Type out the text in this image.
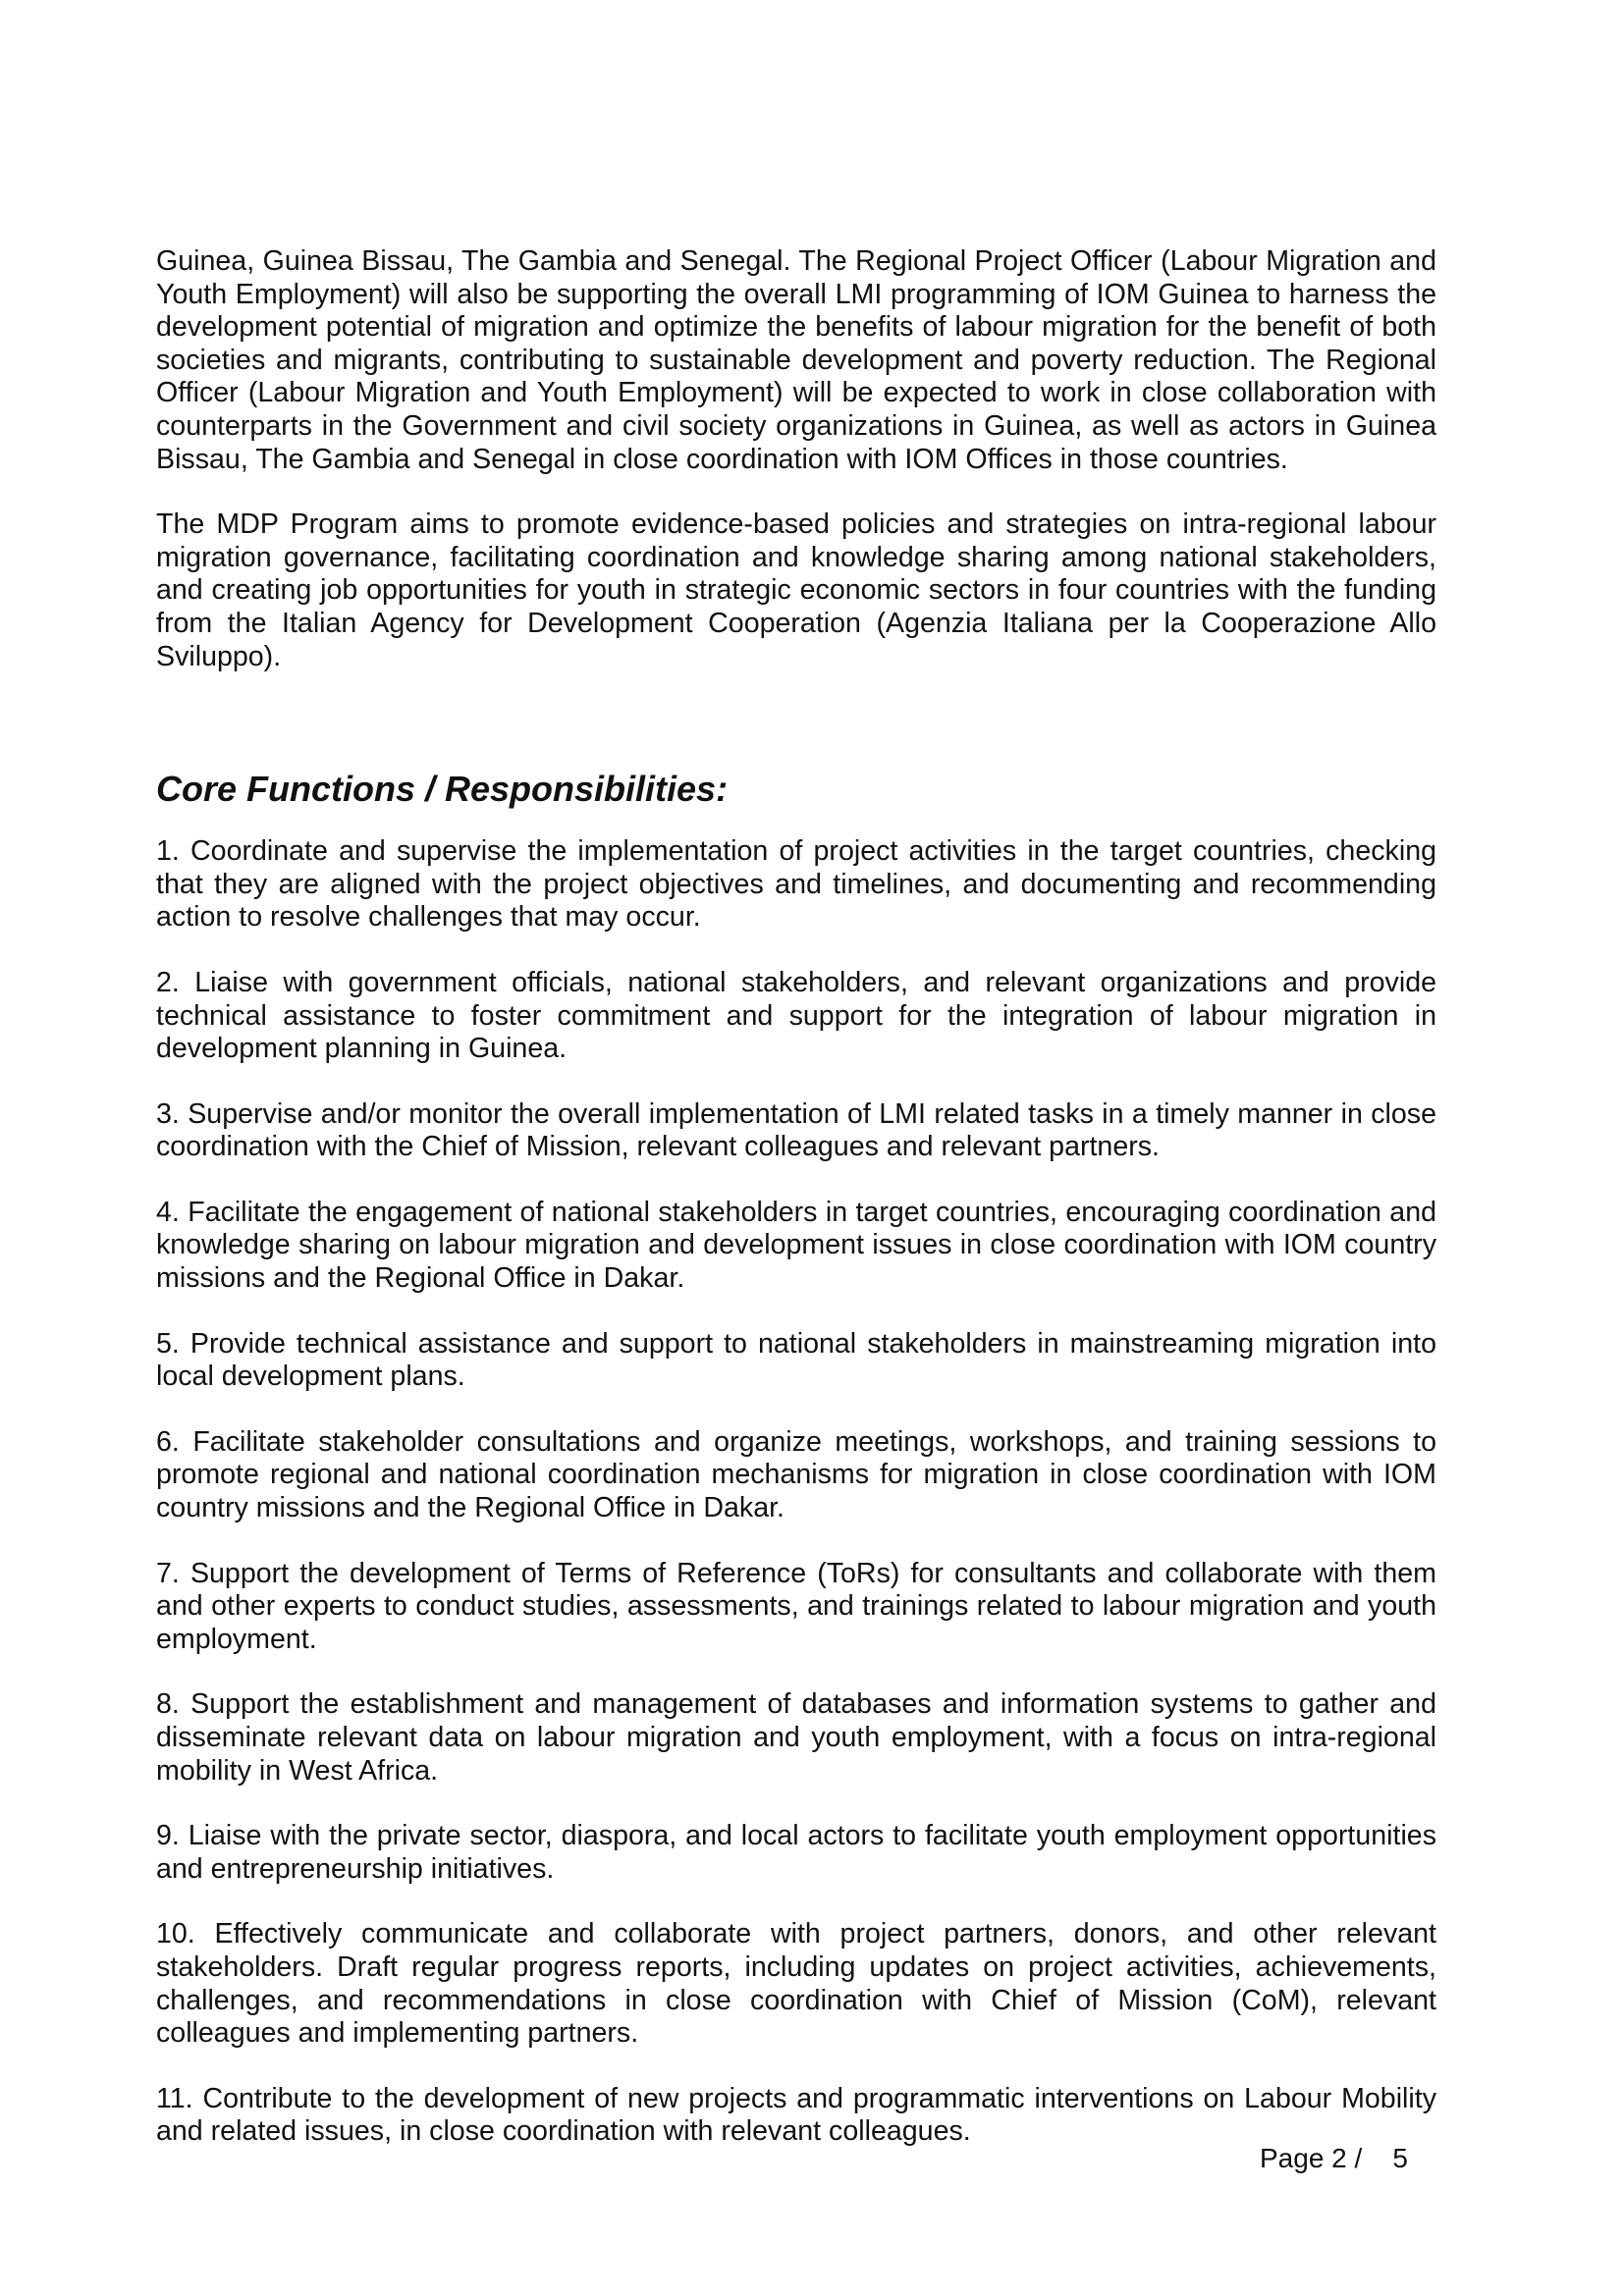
Guinea, Guinea Bissau, The Gambia and Senegal. The Regional Project Officer (Labour Migration and Youth Employment) will also be supporting the overall LMI programming of IOM Guinea to harness the development potential of migration and optimize the benefits of labour migration for the benefit of both societies and migrants, contributing to sustainable development and poverty reduction. The Regional Officer (Labour Migration and Youth Employment) will be expected to work in close collaboration with counterparts in the Government and civil society organizations in Guinea, as well as actors in Guinea Bissau, The Gambia and Senegal in close coordination with IOM Offices in those countries.

The MDP Program aims to promote evidence-based policies and strategies on intra-regional labour migration governance, facilitating coordination and knowledge sharing among national stakeholders, and creating job opportunities for youth in strategic economic sectors in four countries with the funding from the Italian Agency for Development Cooperation (Agenzia Italiana per la Cooperazione Allo Sviluppo).

Core Functions / Responsibilities:

1. Coordinate and supervise the implementation of project activities in the target countries, checking that they are aligned with the project objectives and timelines, and documenting and recommending action to resolve challenges that may occur.

2. Liaise with government officials, national stakeholders, and relevant organizations and provide technical assistance to foster commitment and support for the integration of labour migration in development planning in Guinea.

3. Supervise and/or monitor the overall implementation of LMI related tasks in a timely manner in close coordination with the Chief of Mission, relevant colleagues and relevant partners.

4. Facilitate the engagement of national stakeholders in target countries, encouraging coordination and knowledge sharing on labour migration and development issues in close coordination with IOM country missions and the Regional Office in Dakar.

5. Provide technical assistance and support to national stakeholders in mainstreaming migration into local development plans.

6. Facilitate stakeholder consultations and organize meetings, workshops, and training sessions to promote regional and national coordination mechanisms for migration in close coordination with IOM country missions and the Regional Office in Dakar.

7. Support the development of Terms of Reference (ToRs) for consultants and collaborate with them and other experts to conduct studies, assessments, and trainings related to labour migration and youth employment.

8. Support the establishment and management of databases and information systems to gather and disseminate relevant data on labour migration and youth employment, with a focus on intra-regional mobility in West Africa.

9. Liaise with the private sector, diaspora, and local actors to facilitate youth employment opportunities and entrepreneurship initiatives.

10. Effectively communicate and collaborate with project partners, donors, and other relevant stakeholders. Draft regular progress reports, including updates on project activities, achievements, challenges, and recommendations in close coordination with Chief of Mission (CoM), relevant colleagues and implementing partners.

11. Contribute to the development of new projects and programmatic interventions on Labour Mobility and related issues, in close coordination with relevant colleagues.

Page 2 /    5
